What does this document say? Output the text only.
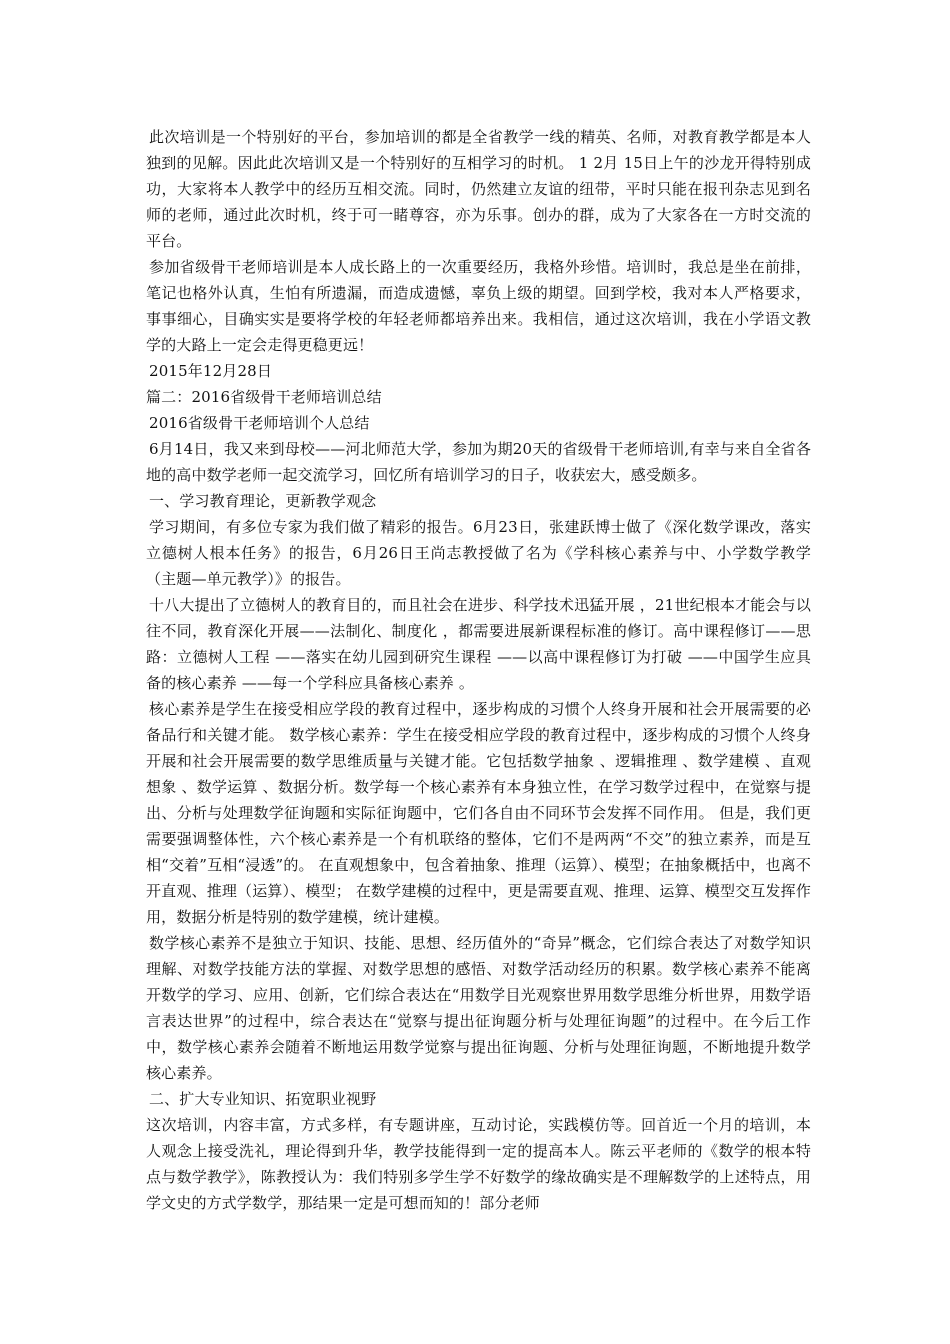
此次培训是一个特别好的平台，参加培训的都是全省教学一线的精英、名师，对教育教学都是本人独到的见解。因此此次培训又是一个特别好的互相学习的时机。 1 2月 15日上午的沙龙开得特别成功，大家将本人教学中的经历互相交流。同时，仍然建立友谊的纽带，平时只能在报刊杂志见到名师的老师，通过此次时机，终于可一睹尊容，亦为乐事。创办的群，成为了大家各在一方时交流的平台。

参加省级骨干老师培训是本人成长路上的一次重要经历，我格外珍惜。培训时，我总是坐在前排，笔记也格外认真，生怕有所遗漏，而造成遗憾，辜负上级的期望。回到学校，我对本人严格要求，事事细心，目确实实是要将学校的年轻老师都培养出来。我相信，通过这次培训，我在小学语文教学的大路上一定会走得更稳更远！

2015年12月28日

篇二：2016省级骨干老师培训总结

2016省级骨干老师培训个人总结

6月14日，我又来到母校——河北师范大学，参加为期20天的省级骨干老师培训,有幸与来自全省各地的高中数学老师一起交流学习，回忆所有培训学习的日子，收获宏大，感受颇多。

一、学习教育理论，更新教学观念

学习期间，有多位专家为我们做了精彩的报告。6月23日，张建跃博士做了《深化数学课改，落实立德树人根本任务》的报告，6月26日王尚志教授做了名为《学科核心素养与中、小学数学教学（主题—单元教学）》的报告。

十八大提出了立德树人的教育目的，而且社会在进步、科学技术迅猛开展 ，21世纪根本才能会与以往不同，教育深化开展——法制化、制度化 ，都需要进展新课程标准的修订。高中课程修订——思路：立德树人工程 ——落实在幼儿园到研究生课程 ——以高中课程修订为打破 ——中国学生应具备的核心素养 ——每一个学科应具备核心素养 。

核心素养是学生在接受相应学段的教育过程中，逐步构成的习惯个人终身开展和社会开展需要的必备品行和关键才能。 数学核心素养：学生在接受相应学段的教育过程中，逐步构成的习惯个人终身开展和社会开展需要的数学思维质量与关键才能。它包括数学抽象 、逻辑推理 、数学建模 、直观想象 、数学运算 、数据分析。数学每一个核心素养有本身独立性，在学习数学过程中，在觉察与提出、分析与处理数学征询题和实际征询题中，它们各自由不同环节会发挥不同作用。 但是，我们更需要强调整体性，六个核心素养是一个有机联络的整体，它们不是两两“不交”的独立素养，而是互相“交着”互相“浸透”的。 在直观想象中，包含着抽象、推理（运算）、模型；在抽象概括中，也离不开直观、推理（运算）、模型； 在数学建模的过程中，更是需要直观、推理、运算、模型交互发挥作用，数据分析是特别的数学建模，统计建模。

数学核心素养不是独立于知识、技能、思想、经历值外的“奇异”概念，它们综合表达了对数学知识理解、对数学技能方法的掌握、对数学思想的感悟、对数学活动经历的积累。数学核心素养不能离开数学的学习、应用、创新，它们综合表达在“用数学目光观察世界用数学思维分析世界，用数学语言表达世界”的过程中，综合表达在“觉察与提出征询题分析与处理征询题”的过程中。在今后工作中，数学核心素养会随着不断地运用数学觉察与提出征询题、分析与处理征询题，不断地提升数学核心素养。

二、扩大专业知识、拓宽职业视野

这次培训，内容丰富，方式多样，有专题讲座，互动讨论，实践模仿等。回首近一个月的培训，本人观念上接受洗礼，理论得到升华，教学技能得到一定的提高本人。陈云平老师的《数学的根本特点与数学教学》，陈教授认为：我们特别多学生学不好数学的缘故确实是不理解数学的上述特点，用学文史的方式学数学，那结果一定是可想而知的！部分老师
